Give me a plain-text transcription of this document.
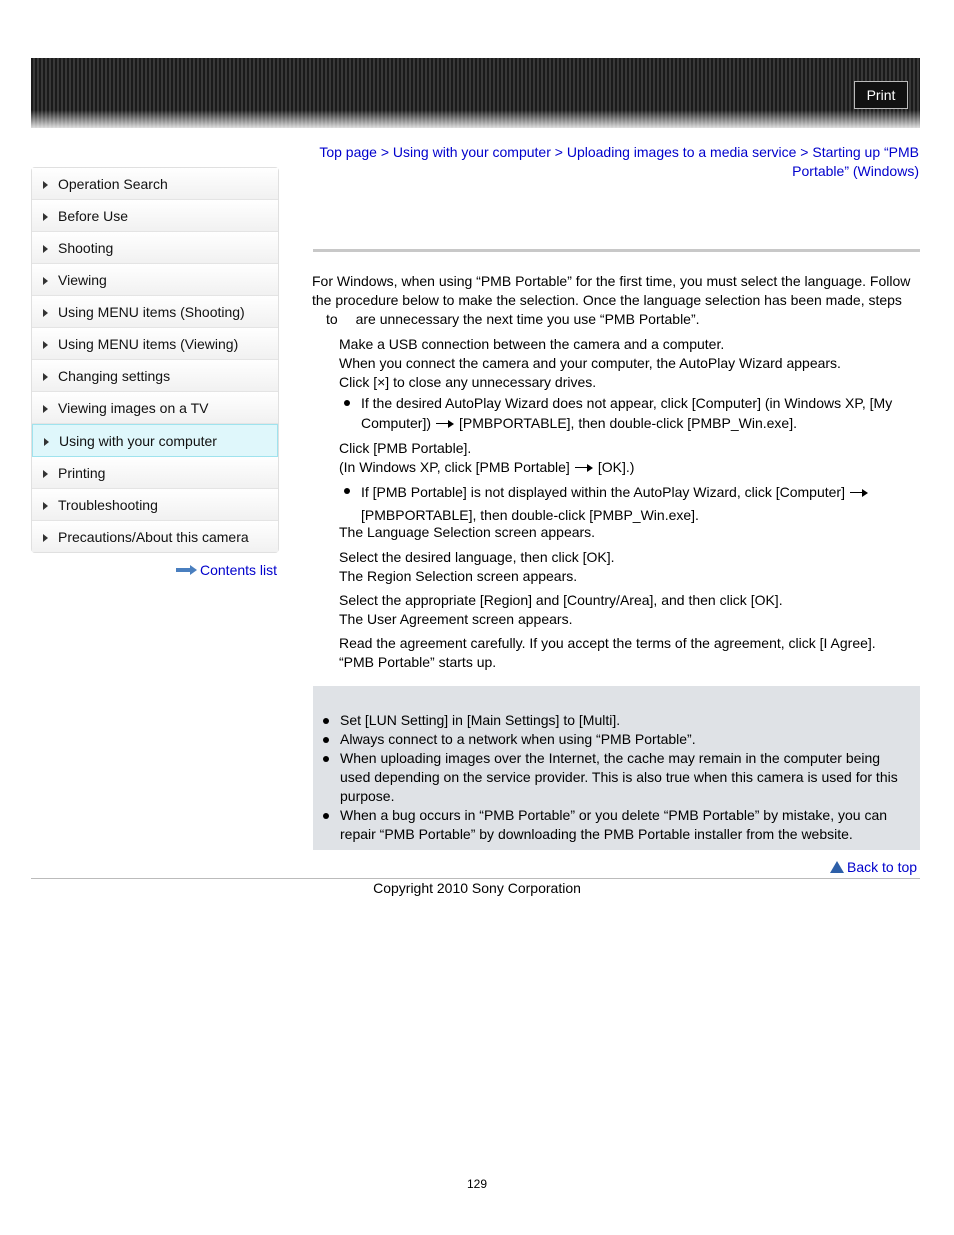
Print
Operation Search
Before Use
Shooting
Viewing
Using MENU items (Shooting)
Using MENU items (Viewing)
Changing settings
Viewing images on a TV
Using with your computer
Printing
Troubleshooting
Precautions/About this camera
Contents list
Top page > Using with your computer > Uploading images to a media service > Starting up “PMB Portable” (Windows)

For Windows, when using “PMB Portable” for the first time, you must select the language. Follow the procedure below to make the selection. Once the language selection has been made, steps
to are unnecessary the next time you use “PMB Portable”.

Make a USB connection between the camera and a computer.

When you connect the camera and your computer, the AutoPlay Wizard appears.

Click [×] to close any unnecessary drives.

If the desired AutoPlay Wizard does not appear, click [Computer] (in Windows XP, [My Computer]) [PMBPORTABLE], then double-click [PMBP_Win.exe].

Click [PMB Portable].

(In Windows XP, click [PMB Portable] [OK].)

If [PMB Portable] is not displayed within the AutoPlay Wizard, click [Computer]
[PMBPORTABLE], then double-click [PMBP_Win.exe].

The Language Selection screen appears.

Select the desired language, then click [OK].

The Region Selection screen appears.

Select the appropriate [Region] and [Country/Area], and then click [OK].

The User Agreement screen appears.

Read the agreement carefully. If you accept the terms of the agreement, click [I Agree].

“PMB Portable” starts up.

Set [LUN Setting] in [Main Settings] to [Multi].
Always connect to a network when using “PMB Portable”.
When uploading images over the Internet, the cache may remain in the computer being used depending on the service provider. This is also true when this camera is used for this purpose.
When a bug occurs in “PMB Portable” or you delete “PMB Portable” by mistake, you can repair “PMB Portable” by downloading the PMB Portable installer from the website.
Back to top
Copyright 2010 Sony Corporation
129
